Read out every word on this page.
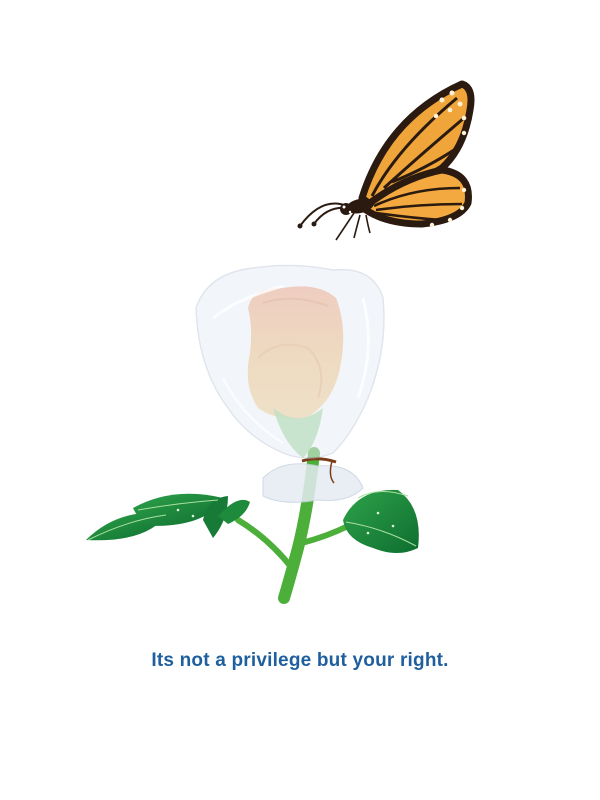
Its not a privilege but your right.
